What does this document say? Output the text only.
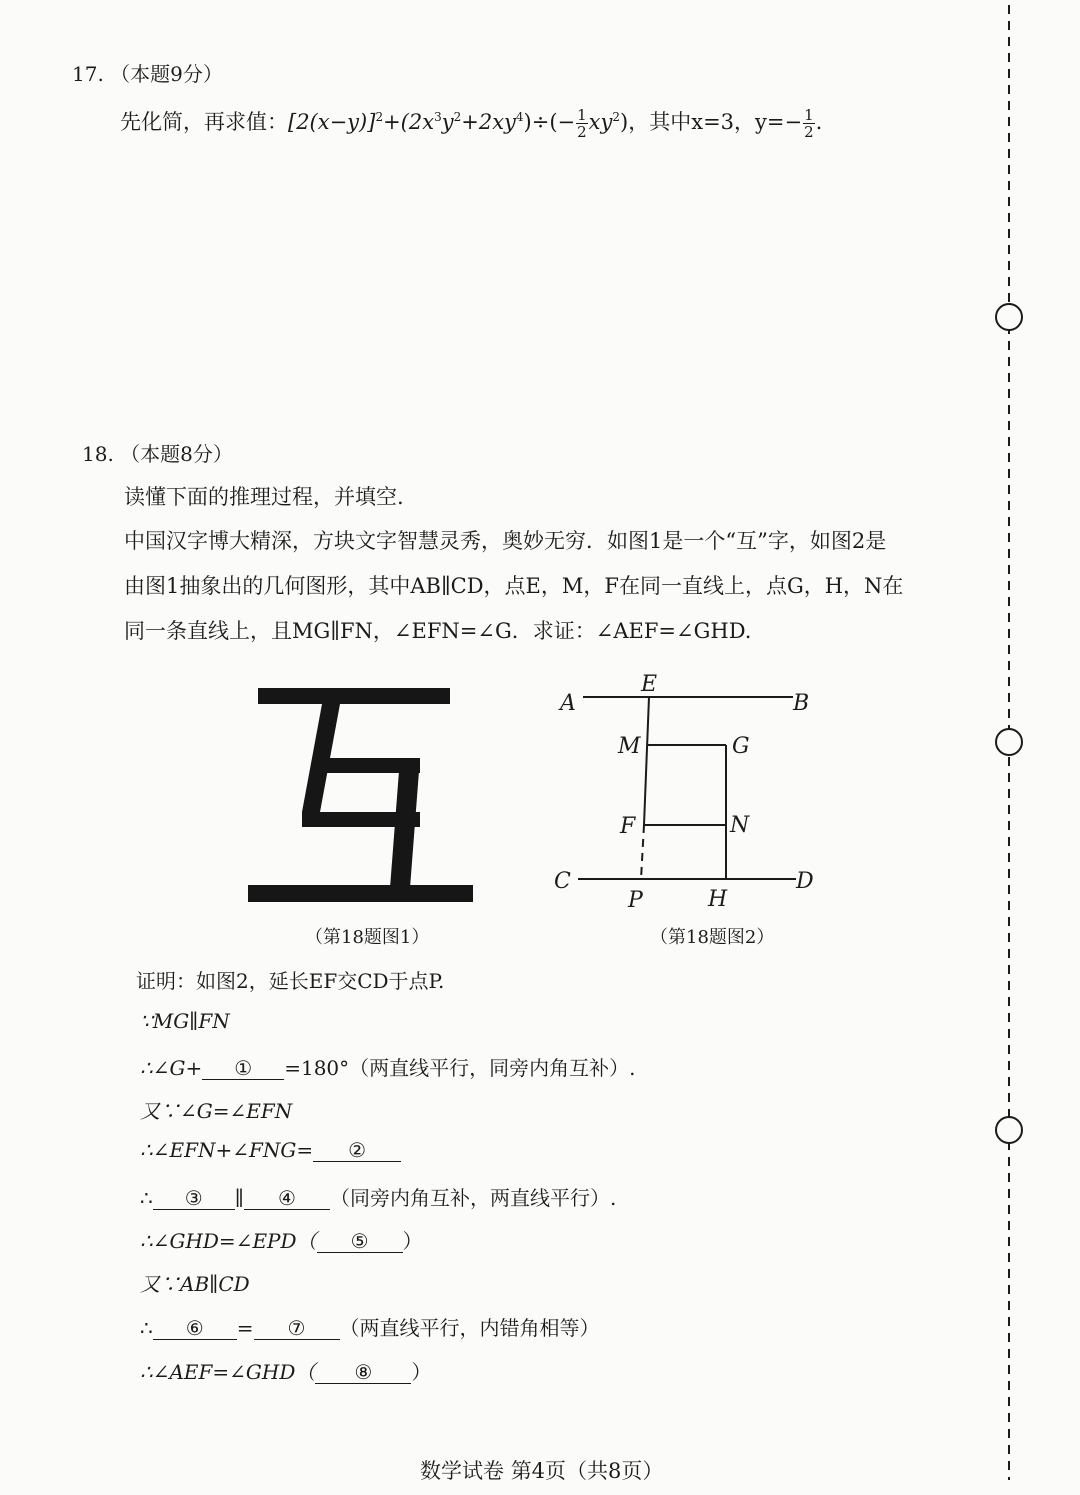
17. （本题9分）
先化简，再求值：$[2(x-y)]^2+(2x^3y^2+2xy^4)\div(- \frac{1}{2} xy^2)$，其中x=3，$y=- \frac{1}{2}$ .
18. （本题8分）
读懂下面的推理过程，并填空.
中国汉字博大精深，方块文字智慧灵秀，奥妙无穷．如图1是一个“互”字，如图2是
由图1抽象出的几何图形，其中AB∥CD，点E，M，F在同一直线上，点G，H，N在
同一条直线上，且MG∥FN，∠EFN=∠G．求证：∠AEF=∠GHD.
（第18题图1）
A
E
B
M	G
F	N
C	D
P	H
（第18题图2）
证明：如图2，延长EF交CD于点P.
∵MG∥FN
∴∠G+ ① =180°（两直线平行，同旁内角互补）.
又∵∠G=∠EFN
∴∠EFN+∠FNG= ②
∴ ③ ∥ ④ （同旁内角互补，两直线平行）.
∴∠GHD=∠EPD（ ⑤ ）
又∵AB∥CD
∴ ⑥ = ⑦ （两直线平行，内错角相等）
∴∠AEF=∠GHD（ ⑧ ）
数学试卷 第4页（共8页）
